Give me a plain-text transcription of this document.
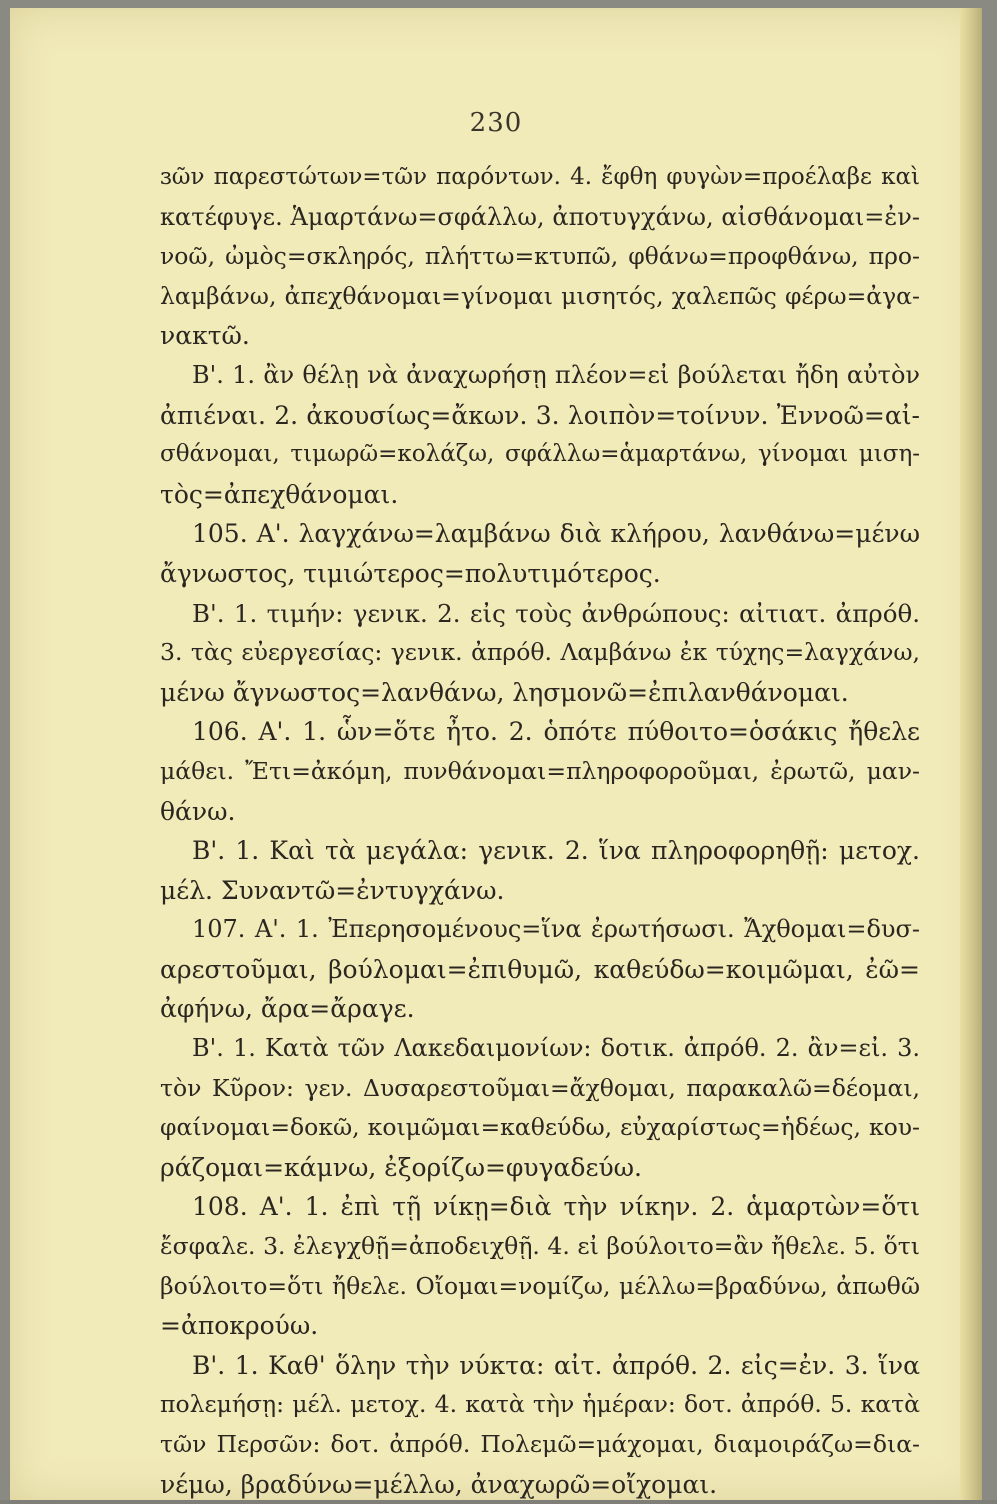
230
ɜῶν παρεστώτων=τῶν παρόντων. 4. ἔφθη φυγὼν=προέλαβε καὶ
κατέφυγε. Ἁμαρτάνω=σφάλλω, ἀποτυγχάνω, αἰσθάνομαι=ἐν-
νοῶ, ὠμὸς=σκληρός, πλήττω=κτυπῶ, φθάνω=προφθάνω, προ-
λαμβάνω, ἀπεχθάνομαι=γίνομαι μισητός, χαλεπῶς φέρω=ἀγα-
νακτῶ.
Β'. 1. ἂν θέλῃ νὰ ἀναχωρήσῃ πλέον=εἰ βούλεται ἤδη αὐτὸν
ἀπιέναι. 2. ἀκουσίως=ἄκων. 3. λοιπὸν=τοίνυν. Ἐννοῶ=αἰ-
σθάνομαι, τιμωρῶ=κολάζω, σφάλλω=ἁμαρτάνω, γίνομαι μιση-
τὸς=ἀπεχθάνομαι.
105. Α'. λαγχάνω=λαμβάνω διὰ κλήρου, λανθάνω=μένω
ἄγνωστος, τιμιώτερος=πολυτιμότερος.
Β'. 1. τιμήν: γενικ. 2. εἰς τοὺς ἀνθρώπους: αἰτιατ. ἀπρόθ.
3. τὰς εὐεργεσίας: γενικ. ἀπρόθ. Λαμβάνω ἐκ τύχης=λαγχάνω,
μένω ἄγνωστος=λανθάνω, λησμονῶ=ἐπιλανθάνομαι.
106. Α'. 1. ὧν=ὅτε ἦτο. 2. ὁπότε πύθοιτο=ὁσάκις ἤθελε
μάθει. Ἔτι=ἀκόμη, πυνθάνομαι=πληροφοροῦμαι, ἐρωτῶ, μαν-
θάνω.
Β'. 1. Καὶ τὰ μεγάλα: γενικ. 2. ἵνα πληροφορηθῇ: μετοχ.
μέλ. Συναντῶ=ἐντυγχάνω.
107. Α'. 1. Ἐπερησομένους=ἵνα ἐρωτήσωσι. Ἄχθομαι=δυσ-
αρεστοῦμαι, βούλομαι=ἐπιθυμῶ, καθεύδω=κοιμῶμαι, ἐῶ=
ἀφήνω, ἄρα=ἄραγε.
Β'. 1. Κατὰ τῶν Λακεδαιμονίων: δοτικ. ἀπρόθ. 2. ἂν=εἰ. 3.
τὸν Κῦρον: γεν. Δυσαρεστοῦμαι=ἄχθομαι, παρακαλῶ=δέομαι,
φαίνομαι=δοκῶ, κοιμῶμαι=καθεύδω, εὐχαρίστως=ἡδέως, κου-
ράζομαι=κάμνω, ἐξορίζω=φυγαδεύω.
108. Α'. 1. ἐπὶ τῇ νίκῃ=διὰ τὴν νίκην. 2. ἁμαρτὼν=ὅτι
ἔσφαλε. 3. ἐλεγχθῇ=ἀποδειχθῇ. 4. εἰ βούλοιτο=ἂν ἤθελε. 5. ὅτι
βούλοιτο=ὅτι ἤθελε. Οἴομαι=νομίζω, μέλλω=βραδύνω, ἀπωθῶ
=ἀποκρούω.
Β'. 1. Καθ' ὅλην τὴν νύκτα: αἰτ. ἀπρόθ. 2. εἰς=ἐν. 3. ἵνα
πολεμήσῃ: μέλ. μετοχ. 4. κατὰ τὴν ἡμέραν: δοτ. ἀπρόθ. 5. κατὰ
τῶν Περσῶν: δοτ. ἀπρόθ. Πολεμῶ=μάχομαι, διαμοιράζω=δια-
νέμω, βραδύνω=μέλλω, ἀναχωρῶ=οἴχομαι.
